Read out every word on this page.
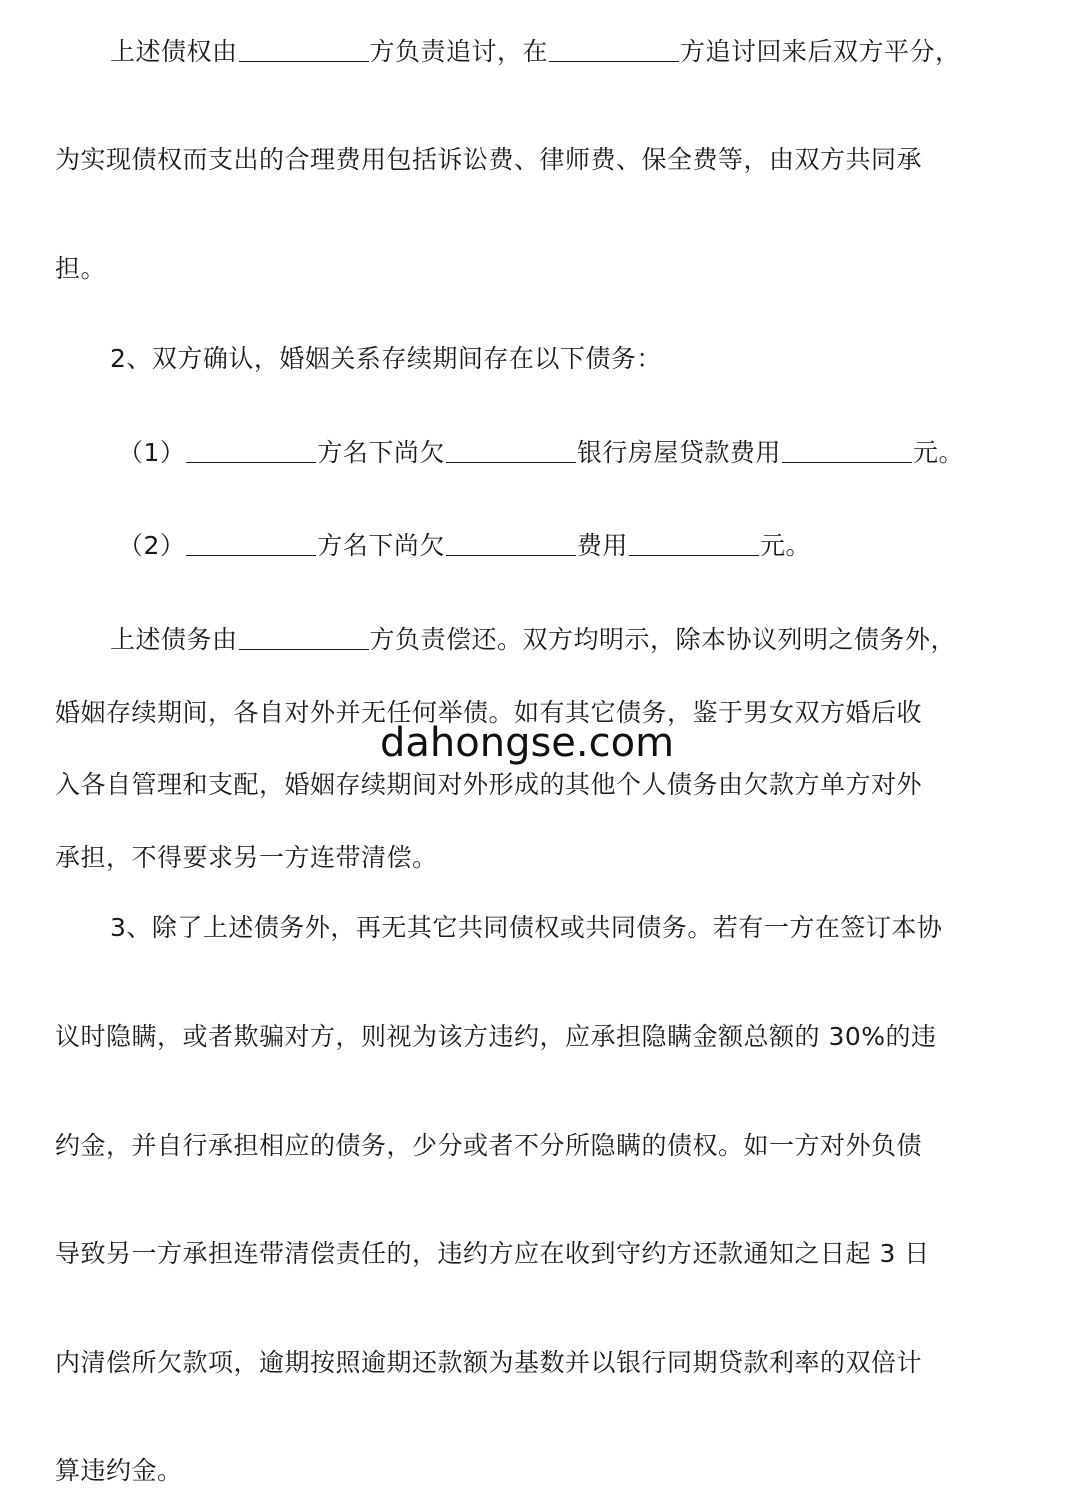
上述债权由	方负责追讨，在	方追讨回来后双方平分，
为实现债权而支出的合理费用包括诉讼费、律师费、保全费等，由双方共同承
担。
2、双方确认，婚姻关系存续期间存在以下债务：
（1）	方名下尚欠	银行房屋贷款费用	元。
（2）	方名下尚欠	费用	元。
上述债务由	方负责偿还。双方均明示，除本协议列明之债务外，
婚姻存续期间，各自对外并无任何举债。如有其它债务，鉴于男女双方婚后收
入各自管理和支配，婚姻存续期间对外形成的其他个人债务由欠款方单方对外
承担，不得要求另一方连带清偿。
3、除了上述债务外，再无其它共同债权或共同债务。若有一方在签订本协
议时隐瞒，或者欺骗对方，则视为该方违约，应承担隐瞒金额总额的 30%的违
约金，并自行承担相应的债务，少分或者不分所隐瞒的债权。如一方对外负债
导致另一方承担连带清偿责任的，违约方应在收到守约方还款通知之日起 3 日
内清偿所欠款项，逾期按照逾期还款额为基数并以银行同期贷款利率的双倍计
算违约金。
dahongse.com
